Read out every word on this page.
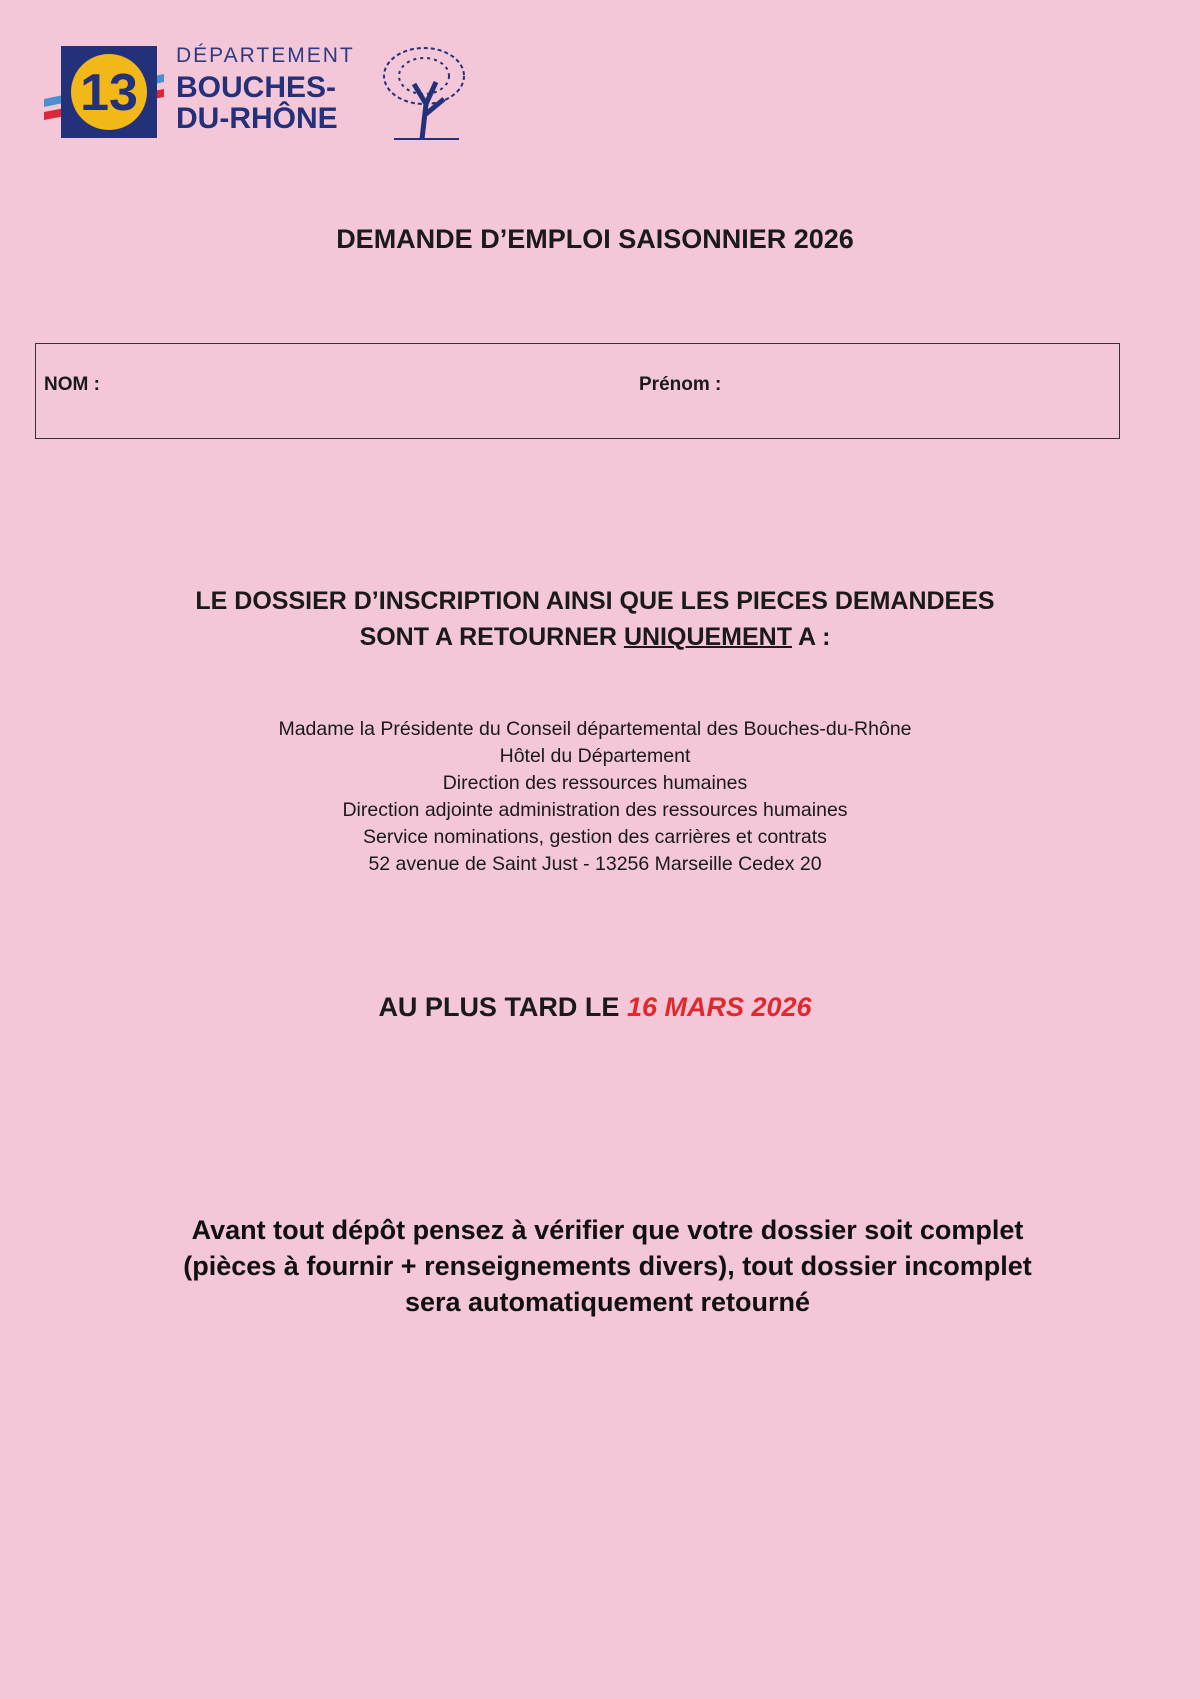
13
DÉPARTEMENT
BOUCHES-
DU-RHÔNE
DEMANDE D’EMPLOI SAISONNIER 2026
NOM :	Prénom :
LE DOSSIER D’INSCRIPTION AINSI QUE LES PIECES DEMANDEES
SONT A RETOURNER UNIQUEMENT A :
Madame la Présidente du Conseil départemental des Bouches-du-Rhône
Hôtel du Département
Direction des ressources humaines
Direction adjointe administration des ressources humaines
Service nominations, gestion des carrières et contrats
52 avenue de Saint Just - 13256 Marseille Cedex 20
AU PLUS TARD LE 16 MARS 2026
Avant tout dépôt pensez à vérifier que votre dossier soit complet
(pièces à fournir + renseignements divers), tout dossier incomplet
sera automatiquement retourné
